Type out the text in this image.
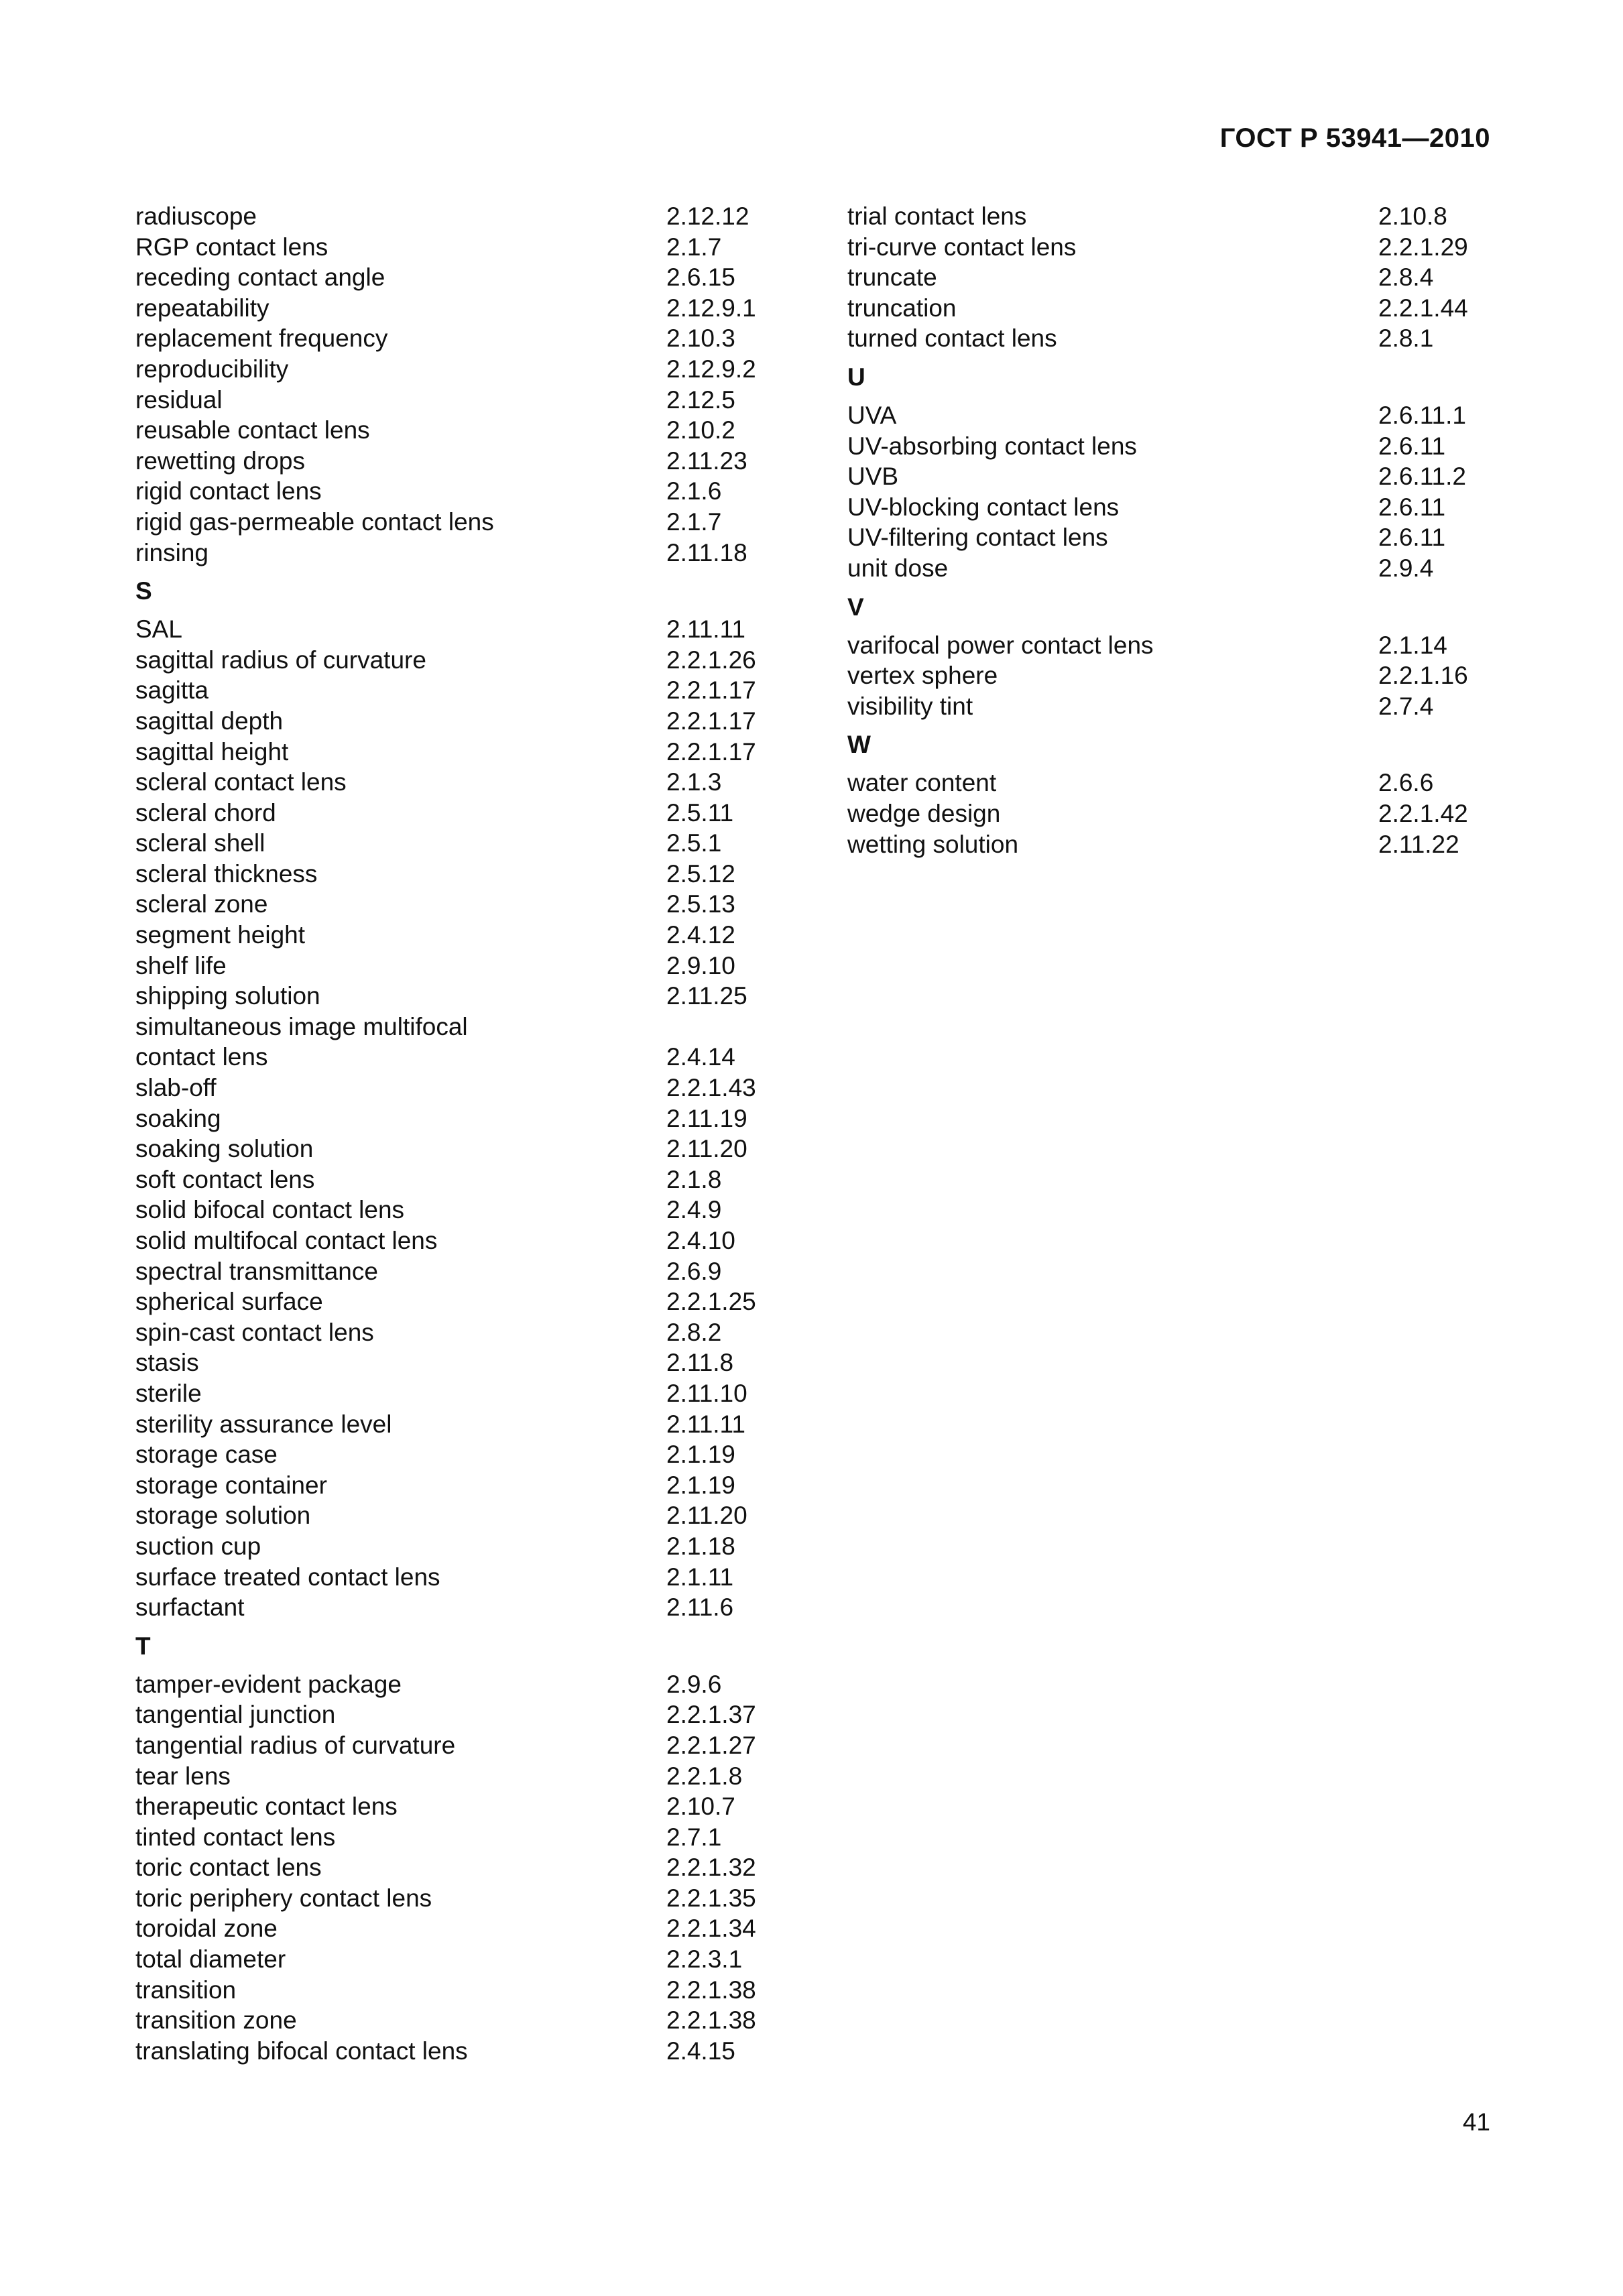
ГОСТ Р 53941—2010
radiuscope	2.12.12
RGP contact lens	2.1.7
receding contact angle	2.6.15
repeatability	2.12.9.1
replacement frequency	2.10.3
reproducibility	2.12.9.2
residual	2.12.5
reusable contact lens	2.10.2
rewetting drops	2.11.23
rigid contact lens	2.1.6
rigid gas-permeable contact lens	2.1.7
rinsing	2.11.18
S
SAL	2.11.11
sagittal radius of curvature	2.2.1.26
sagitta	2.2.1.17
sagittal depth	2.2.1.17
sagittal height	2.2.1.17
scleral contact lens	2.1.3
scleral chord	2.5.11
scleral shell	2.5.1
scleral thickness	2.5.12
scleral zone	2.5.13
segment height	2.4.12
shelf life	2.9.10
shipping solution	2.11.25
simultaneous image multifocal
contact lens	2.4.14
slab-off	2.2.1.43
soaking	2.11.19
soaking solution	2.11.20
soft contact lens	2.1.8
solid bifocal contact lens	2.4.9
solid multifocal contact lens	2.4.10
spectral transmittance	2.6.9
spherical surface	2.2.1.25
spin-cast contact lens	2.8.2
stasis	2.11.8
sterile	2.11.10
sterility assurance level	2.11.11
storage case	2.1.19
storage container	2.1.19
storage solution	2.11.20
suction cup	2.1.18
surface treated contact lens	2.1.11
surfactant	2.11.6
T
tamper-evident package	2.9.6
tangential junction	2.2.1.37
tangential radius of curvature	2.2.1.27
tear lens	2.2.1.8
therapeutic contact lens	2.10.7
tinted contact lens	2.7.1
toric contact lens	2.2.1.32
toric periphery contact lens	2.2.1.35
toroidal zone	2.2.1.34
total diameter	2.2.3.1
transition	2.2.1.38
transition zone	2.2.1.38
translating bifocal contact lens	2.4.15
trial contact lens	2.10.8
tri-curve contact lens	2.2.1.29
truncate	2.8.4
truncation	2.2.1.44
turned contact lens	2.8.1
U
UVA	2.6.11.1
UV-absorbing contact lens	2.6.11
UVB	2.6.11.2
UV-blocking contact lens	2.6.11
UV-filtering contact lens	2.6.11
unit dose	2.9.4
V
varifocal power contact lens	2.1.14
vertex sphere	2.2.1.16
visibility tint	2.7.4
W
water content	2.6.6
wedge design	2.2.1.42
wetting solution	2.11.22
41
